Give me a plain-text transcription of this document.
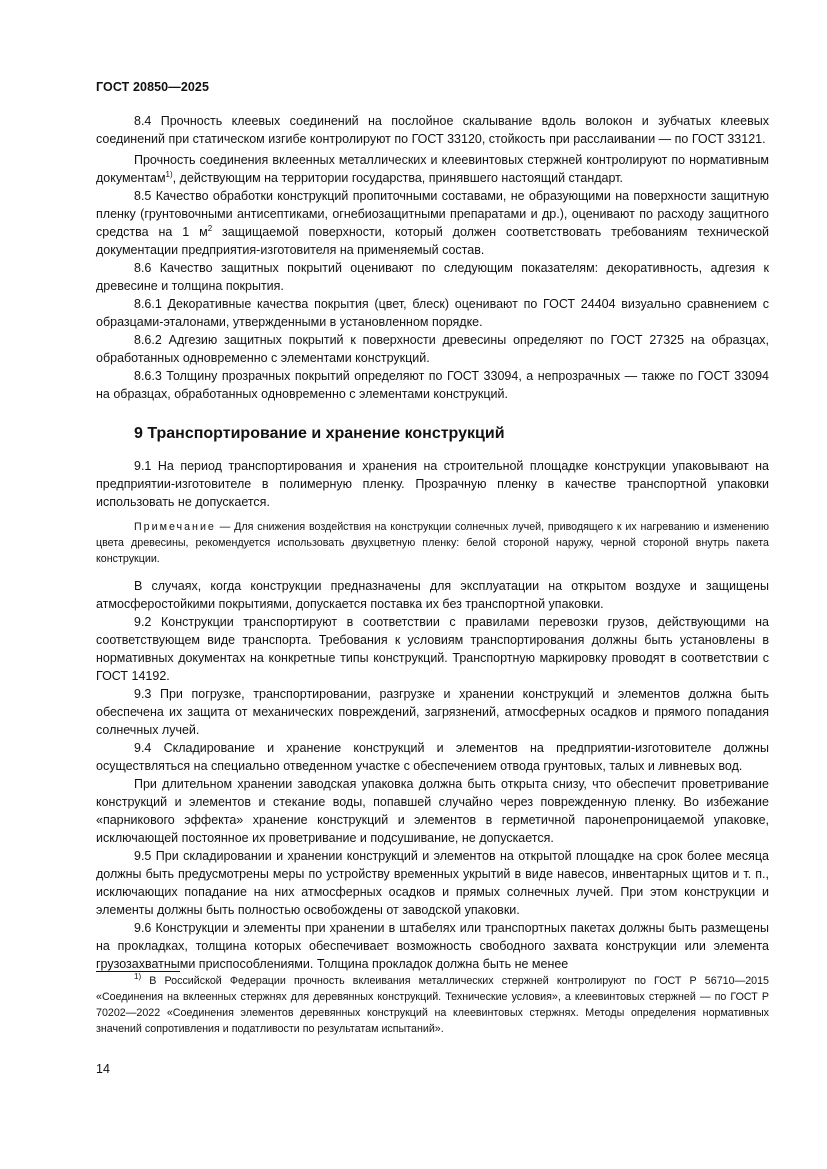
ГОСТ 20850—2025

8.4 Прочность клеевых соединений на послойное скалывание вдоль волокон и зубчатых клеевых соединений при статическом изгибе контролируют по ГОСТ 33120, стойкость при расслаивании — по ГОСТ 33121.

Прочность соединения вклеенных металлических и клеевинтовых стержней контролируют по нормативным документам$^{1)}$, действующим на территории государства, принявшего настоящий стандарт.

8.5 Качество обработки конструкций пропиточными составами, не образующими на поверхности защитную пленку (грунтовочными антисептиками, огнебиозащитными препаратами и др.), оценивают по расходу защитного средства на 1 $м^2$ защищаемой поверхности, который должен соответствовать требованиям технической документации предприятия-изготовителя на применяемый состав.

8.6 Качество защитных покрытий оценивают по следующим показателям: декоративность, адгезия к древесине и толщина покрытия.

8.6.1 Декоративные качества покрытия (цвет, блеск) оценивают по ГОСТ 24404 визуально сравнением с образцами-эталонами, утвержденными в установленном порядке.

8.6.2 Адгезию защитных покрытий к поверхности древесины определяют по ГОСТ 27325 на образцах, обработанных одновременно с элементами конструкций.

8.6.3 Толщину прозрачных покрытий определяют по ГОСТ 33094, а непрозрачных — также по ГОСТ 33094 на образцах, обработанных одновременно с элементами конструкций.

9 Транспортирование и хранение конструкций

9.1 На период транспортирования и хранения на строительной площадке конструкции упаковывают на предприятии-изготовителе в полимерную пленку. Прозрачную пленку в качестве транспортной упаковки использовать не допускается.

Примечание — Для снижения воздействия на конструкции солнечных лучей, приводящего к их нагреванию и изменению цвета древесины, рекомендуется использовать двухцветную пленку: белой стороной наружу, черной стороной внутрь пакета конструкции.

В случаях, когда конструкции предназначены для эксплуатации на открытом воздухе и защищены атмосферостойкими покрытиями, допускается поставка их без транспортной упаковки.

9.2 Конструкции транспортируют в соответствии с правилами перевозки грузов, действующими на соответствующем виде транспорта. Требования к условиям транспортирования должны быть установлены в нормативных документах на конкретные типы конструкций. Транспортную маркировку проводят в соответствии с ГОСТ 14192.

9.3 При погрузке, транспортировании, разгрузке и хранении конструкций и элементов должна быть обеспечена их защита от механических повреждений, загрязнений, атмосферных осадков и прямого попадания солнечных лучей.

9.4 Складирование и хранение конструкций и элементов на предприятии-изготовителе должны осуществляться на специально отведенном участке с обеспечением отвода грунтовых, талых и ливневых вод.

При длительном хранении заводская упаковка должна быть открыта снизу, что обеспечит проветривание конструкций и элементов и стекание воды, попавшей случайно через поврежденную пленку. Во избежание «парникового эффекта» хранение конструкций и элементов в герметичной паронепроницаемой упаковке, исключающей постоянное их проветривание и подсушивание, не допускается.

9.5 При складировании и хранении конструкций и элементов на открытой площадке на срок более месяца должны быть предусмотрены меры по устройству временных укрытий в виде навесов, инвентарных щитов и т. п., исключающих попадание на них атмосферных осадков и прямых солнечных лучей. При этом конструкции и элементы должны быть полностью освобождены от заводской упаковки.

9.6 Конструкции и элементы при хранении в штабелях или транспортных пакетах должны быть размещены на прокладках, толщина которых обеспечивает возможность свободного захвата конструкции или элемента грузозахватными приспособлениями. Толщина прокладок должна быть не менее

$^{1)}$ В Российской Федерации прочность вклеивания металлических стержней контролируют по ГОСТ Р 56710—2015 «Соединения на вклеенных стержнях для деревянных конструкций. Технические условия», а клеевинтовых стержней — по ГОСТ Р 70202—2022 «Соединения элементов деревянных конструкций на клеевинтовых стержнях. Методы определения нормативных значений сопротивления и податливости по результатам испытаний».
14
